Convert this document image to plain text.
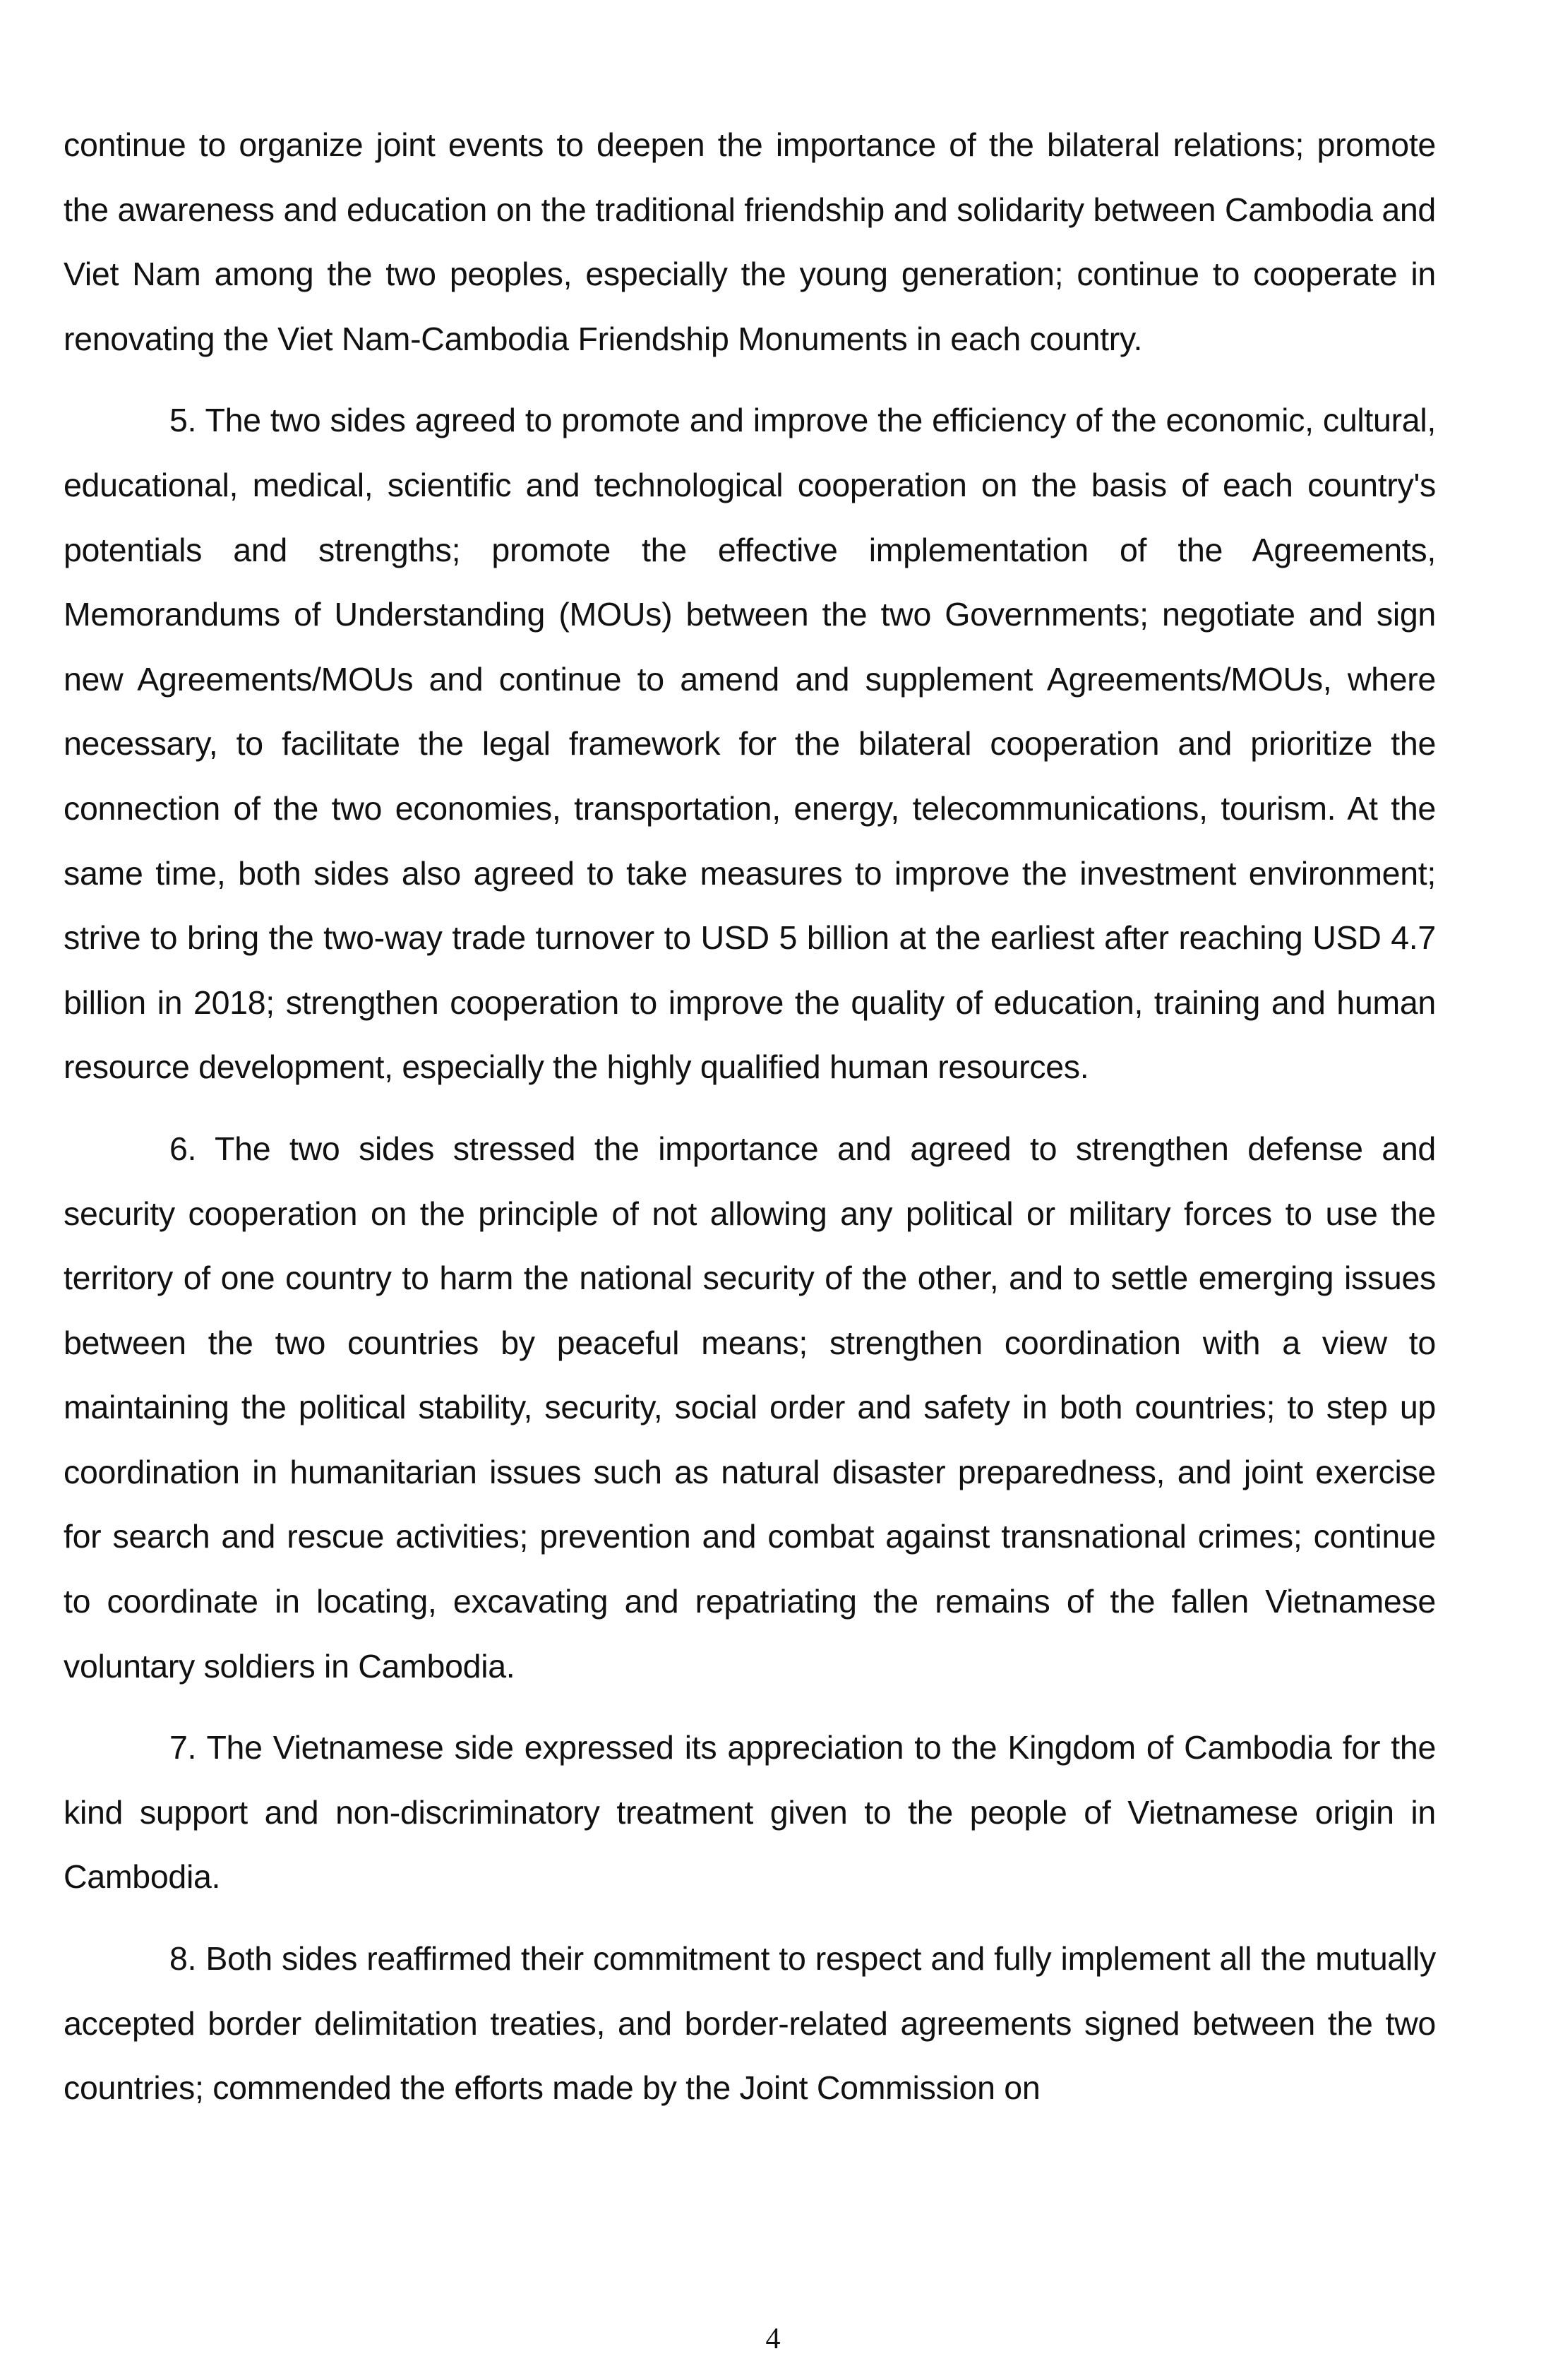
continue to organize joint events to deepen the importance of the bilateral relations; promote the awareness and education on the traditional friendship and solidarity between Cambodia and Viet Nam among the two peoples, especially the young generation; continue to cooperate in renovating the Viet Nam-Cambodia Friendship Monuments in each country.

5. The two sides agreed to promote and improve the efficiency of the economic, cultural, educational, medical, scientific and technological cooperation on the basis of each country's potentials and strengths; promote the effective implementation of the Agreements, Memorandums of Understanding (MOUs) between the two Governments; negotiate and sign new Agreements/MOUs and continue to amend and supplement Agreements/MOUs, where necessary, to facilitate the legal framework for the bilateral cooperation and prioritize the connection of the two economies, transportation, energy, telecommunications, tourism. At the same time, both sides also agreed to take measures to improve the investment environment; strive to bring the two-way trade turnover to USD 5 billion at the earliest after reaching USD 4.7 billion in 2018; strengthen cooperation to improve the quality of education, training and human resource development, especially the highly qualified human resources.

6. The two sides stressed the importance and agreed to strengthen defense and security cooperation on the principle of not allowing any political or military forces to use the territory of one country to harm the national security of the other, and to settle emerging issues between the two countries by peaceful means; strengthen coordination with a view to maintaining the political stability, security, social order and safety in both countries; to step up coordination in humanitarian issues such as natural disaster preparedness, and joint exercise for search and rescue activities; prevention and combat against transnational crimes; continue to coordinate in locating, excavating and repatriating the remains of the fallen Vietnamese voluntary soldiers in Cambodia.

7. The Vietnamese side expressed its appreciation to the Kingdom of Cambodia for the kind support and non-discriminatory treatment given to the people of Vietnamese origin in Cambodia.

8. Both sides reaffirmed their commitment to respect and fully implement all the mutually accepted border delimitation treaties, and border-related agreements signed between the two countries; commended the efforts made by the Joint Commission on

4
